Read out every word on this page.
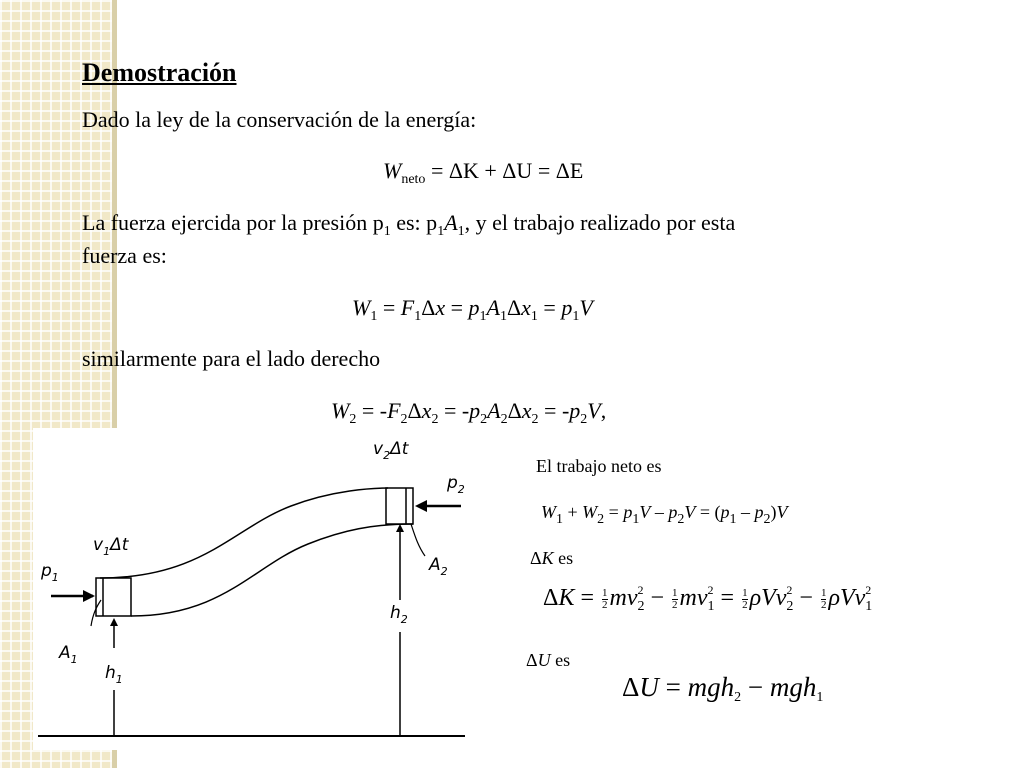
Demostración
Dado la ley de la conservación de la energía:
$W_{neto} = \Delta K + \Delta U = \Delta E$
La fuerza ejercida por la presión $p_1$ es: $p_1A_1$, y el trabajo realizado por esta
fuerza es:
$W_1 = F_1\Delta x = p_1A_1\Delta x_1 = p_1V$
similarmente para el lado derecho
$W_2 = -F_2\Delta x_2 = -p_2A_2\Delta x_2 = -p_2V$,
$p_1$
$v_1\Delta t$
$A_1$
$h_1$
$v_2\Delta t$
$p_2$
$A_2$
$h_2$
El trabajo neto es
$W_1 + W_2 = p_1V - p_2V = (p_1 - p_2)V$
ΔK es
$\Delta K = \frac{1}{2}$ mv $_{2 2} - \frac{1}{2}$ mv $_{2 1} = \frac{1}{2}$ ρVv $_{2 2} - \frac{1}{2}$ ρVv $_{2 1}$
ΔU es
ΔU = mgh$_2$ − mgh$_1$
